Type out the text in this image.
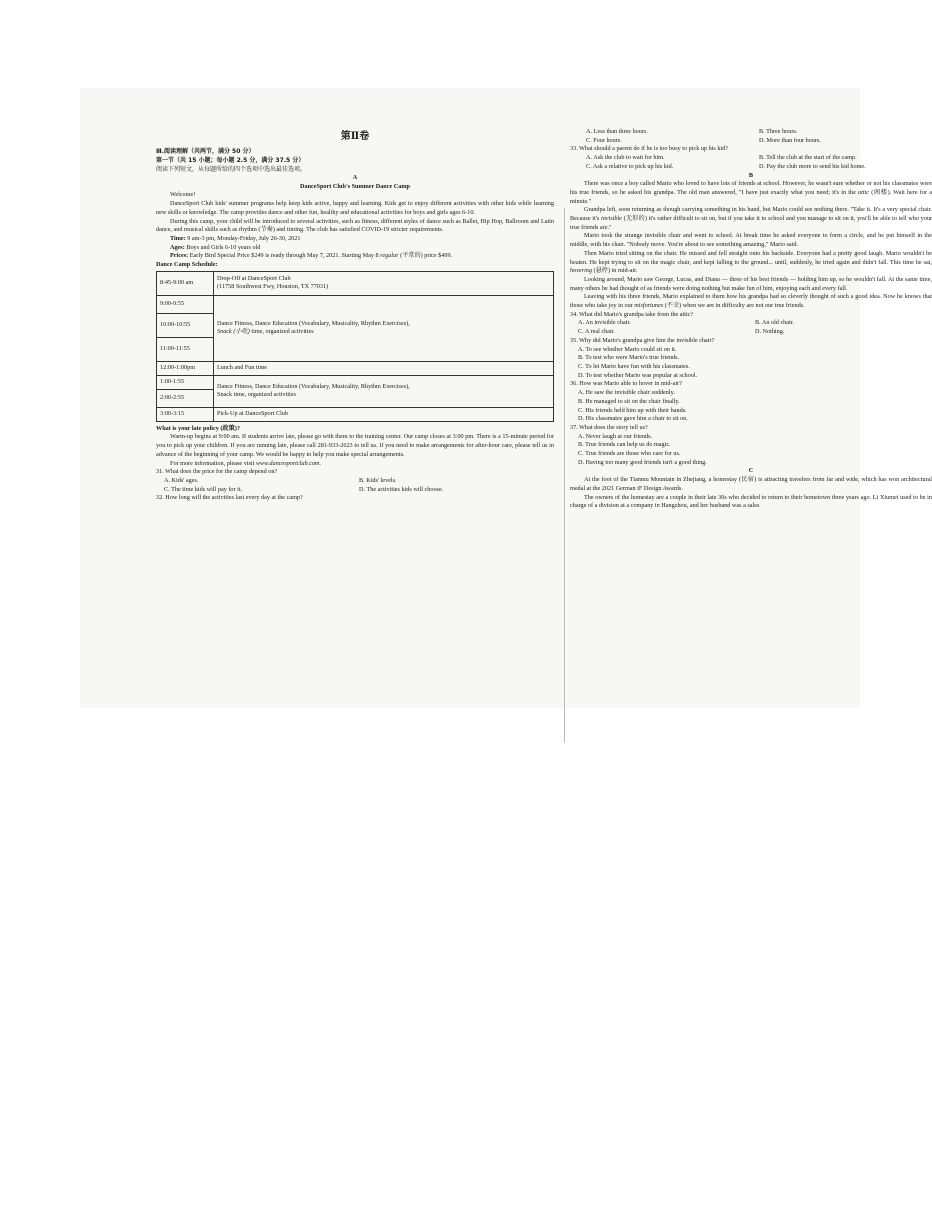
第Ⅱ卷
Ⅲ.阅读理解（共两节，满分 50 分）
第一节（共 15 小题；每小题 2.5 分，满分 37.5 分）
阅读下列短文，从每题所给的四个选项中选出最佳选项。
A
DanceSport Club's Summer Dance Camp

Welcome!

DanceSport Club kids' summer programs help keep kids active, happy and learning. Kids get to enjoy different activities with other kids while learning new skills or knowledge. The camp provides dance and other fun, healthy and educational activities for boys and girls ages 6-10.

During this camp, your child will be introduced to several activities, such as fitness, different styles of dance such as Ballet, Hip Hop, Ballroom and Latin dance, and musical skills such as rhythm (节奏) and timing. The club has satisfied COVID-19 stricter requirements.

Time: 9 am-3 pm, Monday-Friday, July 26-30, 2021

Ages: Boys and Girls 6-10 years old

Prices: Early Bird Special Price $249 is ready through May 7, 2021. Starting May 8 regular (平常的) price $499.

Dance Camp Schedule:

8:45-9:00 am	Drop-Off at DanceSport Club
(11758 Southwest Fwy, Houston, TX 77031)

9:00-9:55	Dance Fitness, Dance Education (Vocabulary, Musicality, Rhythm Exercises),
Snack (小吃) time, organized activities

10:00-10:55	
11:00-11:55	
12:00-1:00pm	Lunch and Fun time
1:00-1:55	Dance Fitness, Dance Education (Vocabulary, Musicality, Rhythm Exercises),
Snack time, organized activities

2:00-2:55	
3:00-3:15	Pick-Up at DanceSport Club

What is your late policy (政策)?

Warm-up begins at 9:00 am. If students arrive late, please go with them to the training center. Our camp closes at 3:00 pm. There is a 15-minute period for you to pick up your children. If you are running late, please call 281-933-2623 to tell us. If you need to make arrangements for after-hour care, please tell us in advance of the beginning of your camp. We would be happy to help you make special arrangements.

For more information, please visit www.dancesportclub.com.

31. What does the price for the camp depend on?
A. Kids' ages.	B. Kids' levels.
C. The time kids will pay for it.	D. The activities kids will choose.
32. How long will the activities last every day at the camp?
A. Less than three hours.	B. Three hours.
C. Four hours.	D. More than four hours.
33. What should a parent do if he is too busy to pick up his kid?
A. Ask the club to wait for him.	B. Tell the club at the start of the camp.
C. Ask a relative to pick up his kid.	D. Pay the club more to send his kid home.
B

There was once a boy called Mario who loved to have lots of friends at school. However, he wasn't sure whether or not his classmates were his true friends, so he asked his grandpa. The old man answered, "I have just exactly what you need; it's in the attic (阁楼). Wait here for a minute."

Grandpa left, soon returning as though carrying something in his hand, but Mario could see nothing there. "Take it. It's a very special chair. Because it's invisible (无形的) it's rather difficult to sit on, but if you take it to school and you manage to sit on it, you'll be able to tell who your true friends are."

Mario took the strange invisible chair and went to school. At break time he asked everyone to form a circle, and he put himself in the middle, with his chair. "Nobody move. You're about to see something amazing," Mario said.

Then Mario tried sitting on the chair. He missed and fell straight onto his backside. Everyone had a pretty good laugh. Mario wouldn't be beaten. He kept trying to sit on the magic chair, and kept falling to the ground... until, suddenly, he tried again and didn't fall. This time he sat, hovering (悬停) in mid-air.

Looking around, Mario saw George, Lucas, and Diana — three of his best friends — holding him up, so he wouldn't fall. At the same time, many others he had thought of as friends were doing nothing but make fun of him, enjoying each and every fall.

Leaving with his three friends, Mario explained to them how his grandpa had so cleverly thought of such a good idea. Now he knows that those who take joy in our misfortunes (不幸) when we are in difficulty are not our true friends.

34. What did Mario's grandpa take from the attic?
A. An invisible chair.	B. An old chair.
C. A real chair.	D. Nothing.
35. Why did Mario's grandpa give him the invisible chair?
A. To see whether Mario could sit on it.
B. To test who were Mario's true friends.
C. To let Mario have fun with his classmates.
D. To test whether Mario was popular at school.
36. How was Mario able to hover in mid-air?
A. He saw the invisible chair suddenly.
B. He managed to sit on the chair finally.
C. His friends held him up with their hands.
D. His classmates gave him a chair to sit on.
37. What does the story tell us?
A. Never laugh at our friends.
B. True friends can help us do magic.
C. True friends are those who care for us.
D. Having too many good friends isn't a good thing.
C

At the foot of the Tianmu Mountain in Zhejiang, a homestay (民宿) is attracting travelers from far and wide, which has won architectural medal at the 2021 German iF Design Awards.

The owners of the homestay are a couple in their late 30s who decided to return to their hometown three years ago. Li Xiumei used to be in charge of a division at a company in Hangzhou, and her husband was a sales
